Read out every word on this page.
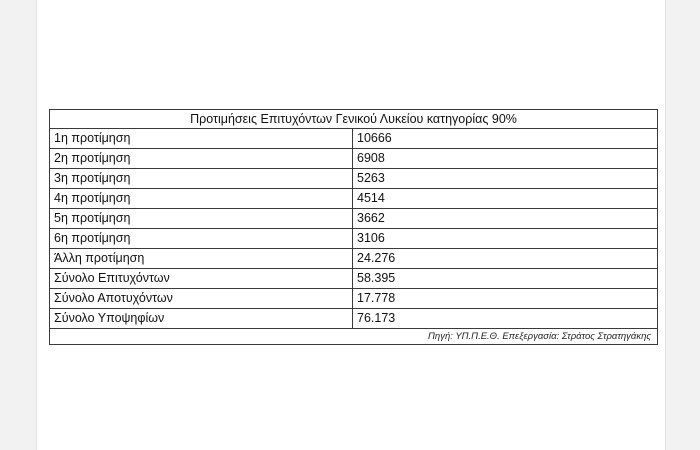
Προτιμήσεις Επιτυχόντων Γενικού Λυκείου κατηγορίας 90%	
1η προτίμηση	10666
2η προτίμηση	6908
3η προτίμηση	5263
4η προτίμηση	4514
5η προτίμηση	3662
6η προτίμηση	3106
Άλλη προτίμηση	24.276
Σύνολο Επιτυχόντων	58.395
Σύνολο Αποτυχόντων	17.778
Σύνολο Υποψηφίων	76.173
Πηγή: ΥΠ.Π.Ε.Θ. Επεξεργασία: Στράτος Στρατηγάκης	
